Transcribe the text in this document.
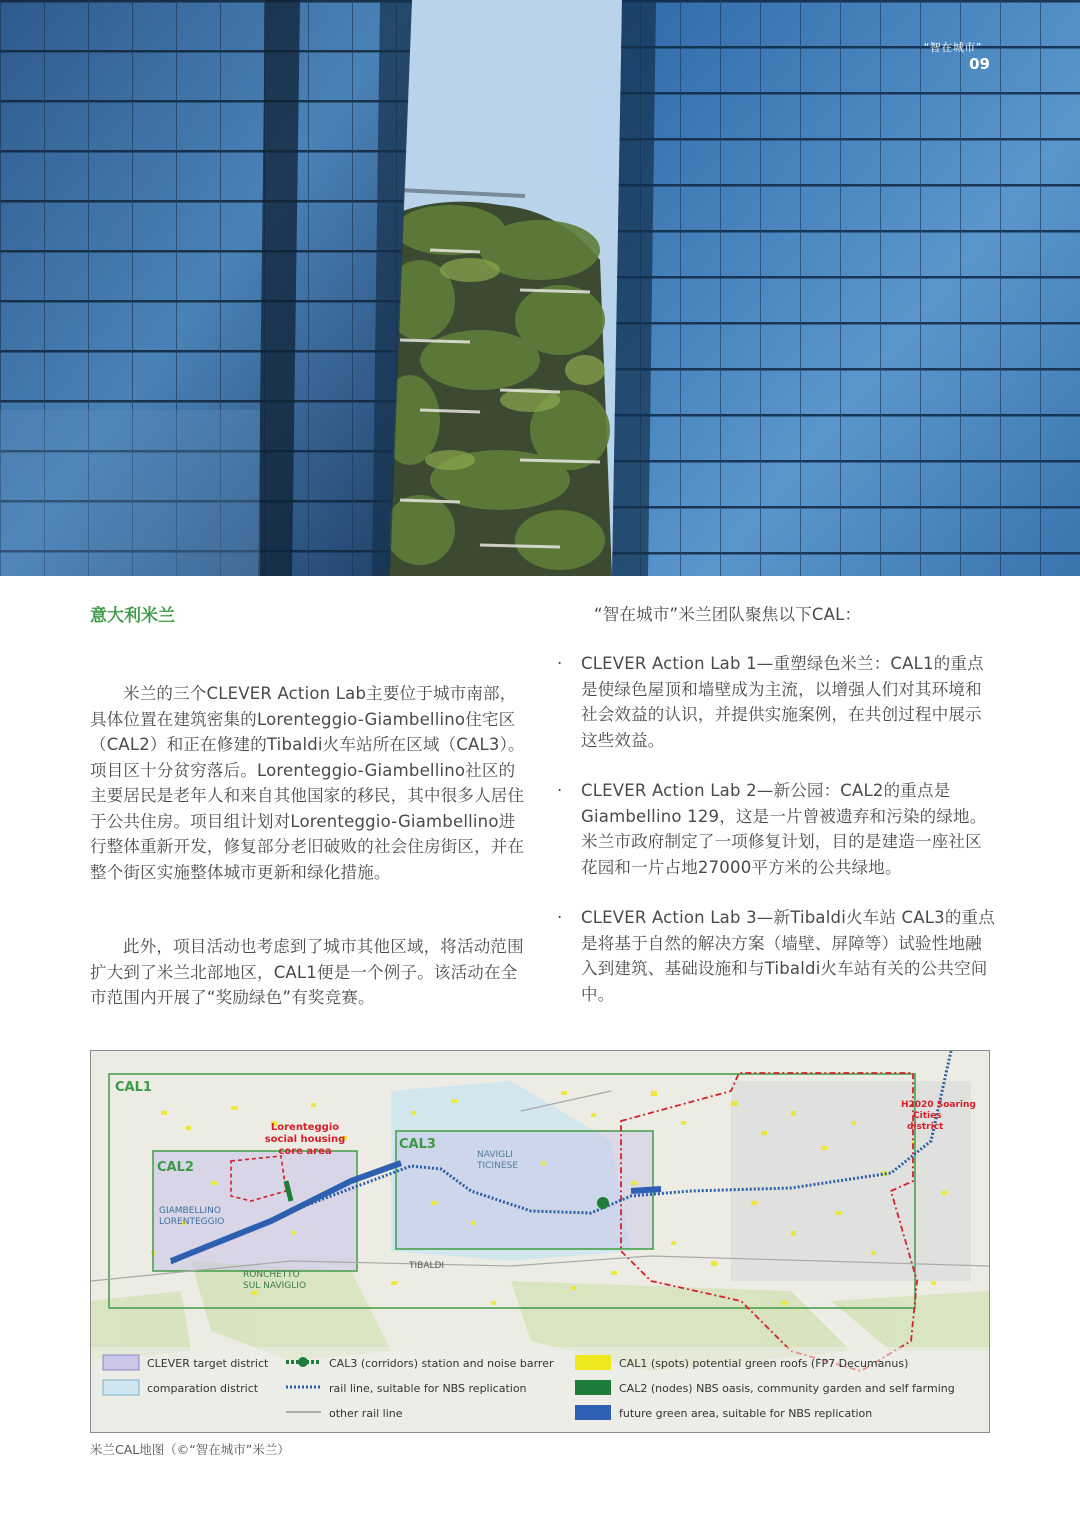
“智在城市”
09
意大利米兰

米兰的三个CLEVER Action Lab主要位于城市南部，具体位置在建筑密集的Lorenteggio-Giambellino住宅区（CAL2）和正在修建的Tibaldi火车站所在区域（CAL3）。项目区十分贫穷落后。Lorenteggio-Giambellino社区的主要居民是老年人和来自其他国家的移民，其中很多人居住于公共住房。项目组计划对Lorenteggio-Giambellino进行整体重新开发，修复部分老旧破败的社会住房街区，并在整个街区实施整体城市更新和绿化措施。

此外，项目活动也考虑到了城市其他区域，将活动范围扩大到了米兰北部地区，CAL1便是一个例子。该活动在全市范围内开展了“奖励绿色”有奖竞赛。

“智在城市”米兰团队聚焦以下CAL：
· CLEVER Action Lab 1—重塑绿色米兰：CAL1的重点是使绿色屋顶和墙壁成为主流，以增强人们对其环境和社会效益的认识，并提供实施案例，在共创过程中展示这些效益。
· CLEVER Action Lab 2—新公园：CAL2的重点是Giambellino 129，这是一片曾被遗弃和污染的绿地。米兰市政府制定了一项修复计划，目的是建造一座社区花园和一片占地27000平方米的公共绿地。
· CLEVER Action Lab 3—新Tibaldi火车站 CAL3的重点是将基于自然的解决方案（墙壁、屏障等）试验性地融入到建筑、基础设施和与Tibaldi火车站有关的公共空间中。
CAL1
CAL2
CAL3
Lorenteggio
social housing
core area
GIAMBELLINO
LORENTEGGIO
NAVIGLI
TICINESE
RONCHETTO
SUL NAVIGLIO
TIBALDI
H2020 Soaring
Cities
district
CLEVER target district
comparation district
CAL3 (corridors) station and noise barrer
rail line, suitable for NBS replication
other rail line
CAL1 (spots) potential green roofs (FP7 Decumanus)
CAL2 (nodes) NBS oasis, community garden and self farming
future green area, suitable for NBS replication
米兰CAL地图（©“智在城市”米兰）
